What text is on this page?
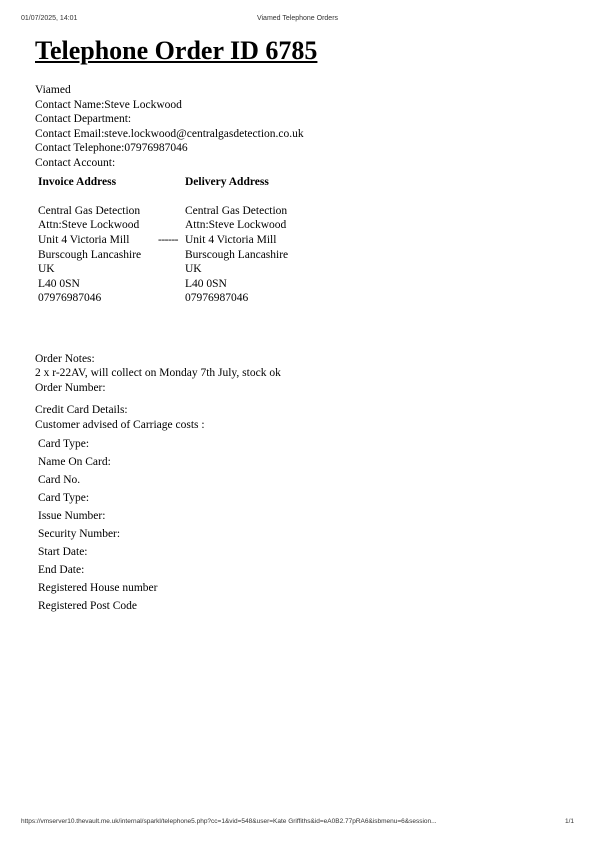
01/07/2025, 14:01	Viamed Telephone Orders
Telephone Order ID 6785
Viamed
Contact Name:Steve Lockwood
Contact Department:
Contact Email:steve.lockwood@centralgasdetection.co.uk
Contact Telephone:07976987046
Contact Account:
Invoice Address
Central Gas Detection
Attn:Steve Lockwood
Unit 4 Victoria Mill
Burscough Lancashire
UK
L40 0SN
07976987046
------
Delivery Address
Central Gas Detection
Attn:Steve Lockwood
Unit 4 Victoria Mill
Burscough Lancashire
UK
L40 0SN
07976987046
Order Notes:
2 x r-22AV, will collect on Monday 7th July, stock ok
Order Number:
Credit Card Details:
Customer advised of Carriage costs :
Card Type:
Name On Card:
Card No.
Card Type:
Issue Number:
Security Number:
Start Date:
End Date:
Registered House number
Registered Post Code
https://vmserver10.thevault.me.uk/internal/sparkl/telephone5.php?cc=1&vid=548&user=Kate Griffiths&id=eA0B2.77pRA6&isbmenu=6&session...	1/1
